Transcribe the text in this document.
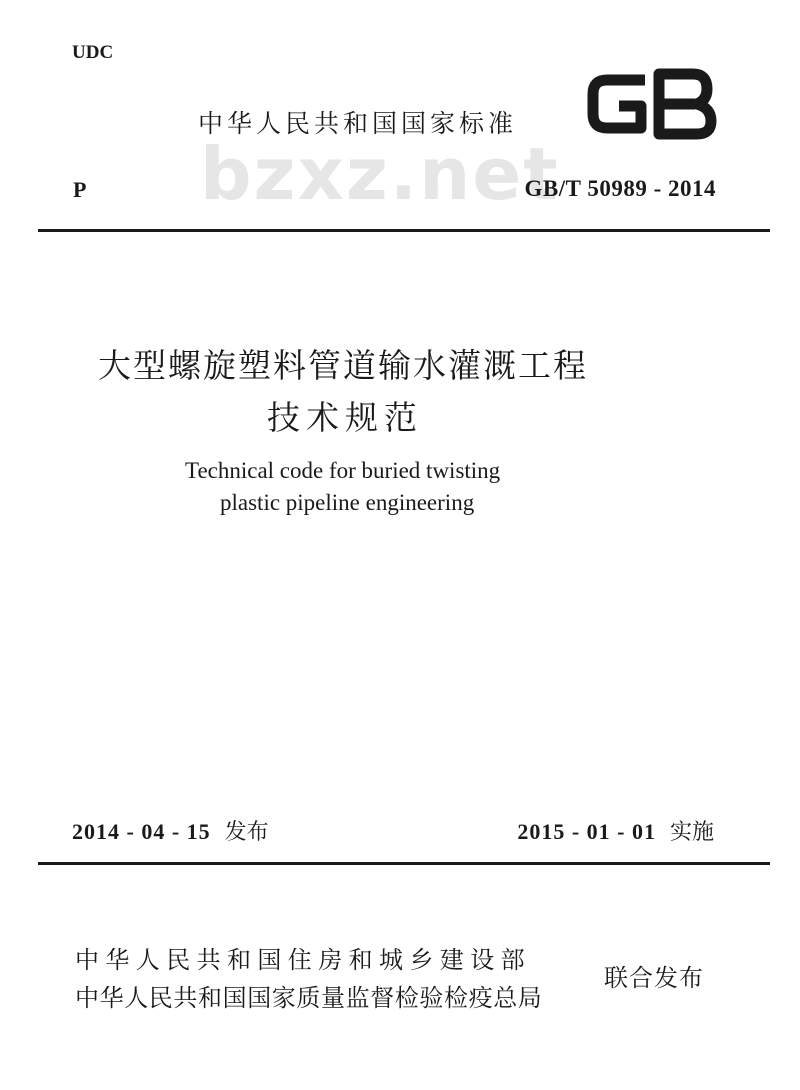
UDC
中华人民共和国国家标准
bzxz.net
P	GB/T 50989 - 2014
大型螺旋塑料管道输水灌溉工程
技术规范
Technical code for buried twisting
plastic pipeline engineering
2014 - 04 - 15 发布	2015 - 01 - 01 实施
中华人民共和国住房和城乡建设部
中华人民共和国国家质量监督检验检疫总局
联合发布
